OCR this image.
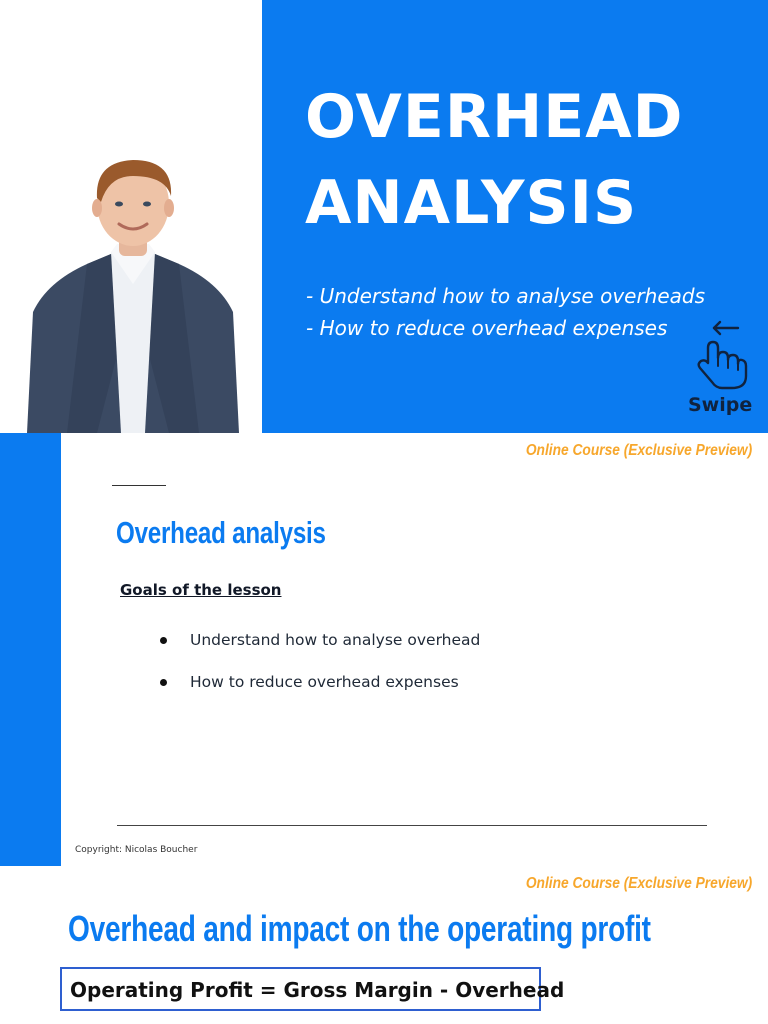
OVERHEAD
ANALYSIS
- Understand how to analyse overheads
- How to reduce overhead expenses
Swipe
Online Course (Exclusive Preview)
Overhead analysis
Goals of the lesson
Understand how to analyse overhead
How to reduce overhead expenses
Copyright: Nicolas Boucher
Online Course (Exclusive Preview)
Overhead and impact on the operating profit
Operating Profit = Gross Margin - Overhead
